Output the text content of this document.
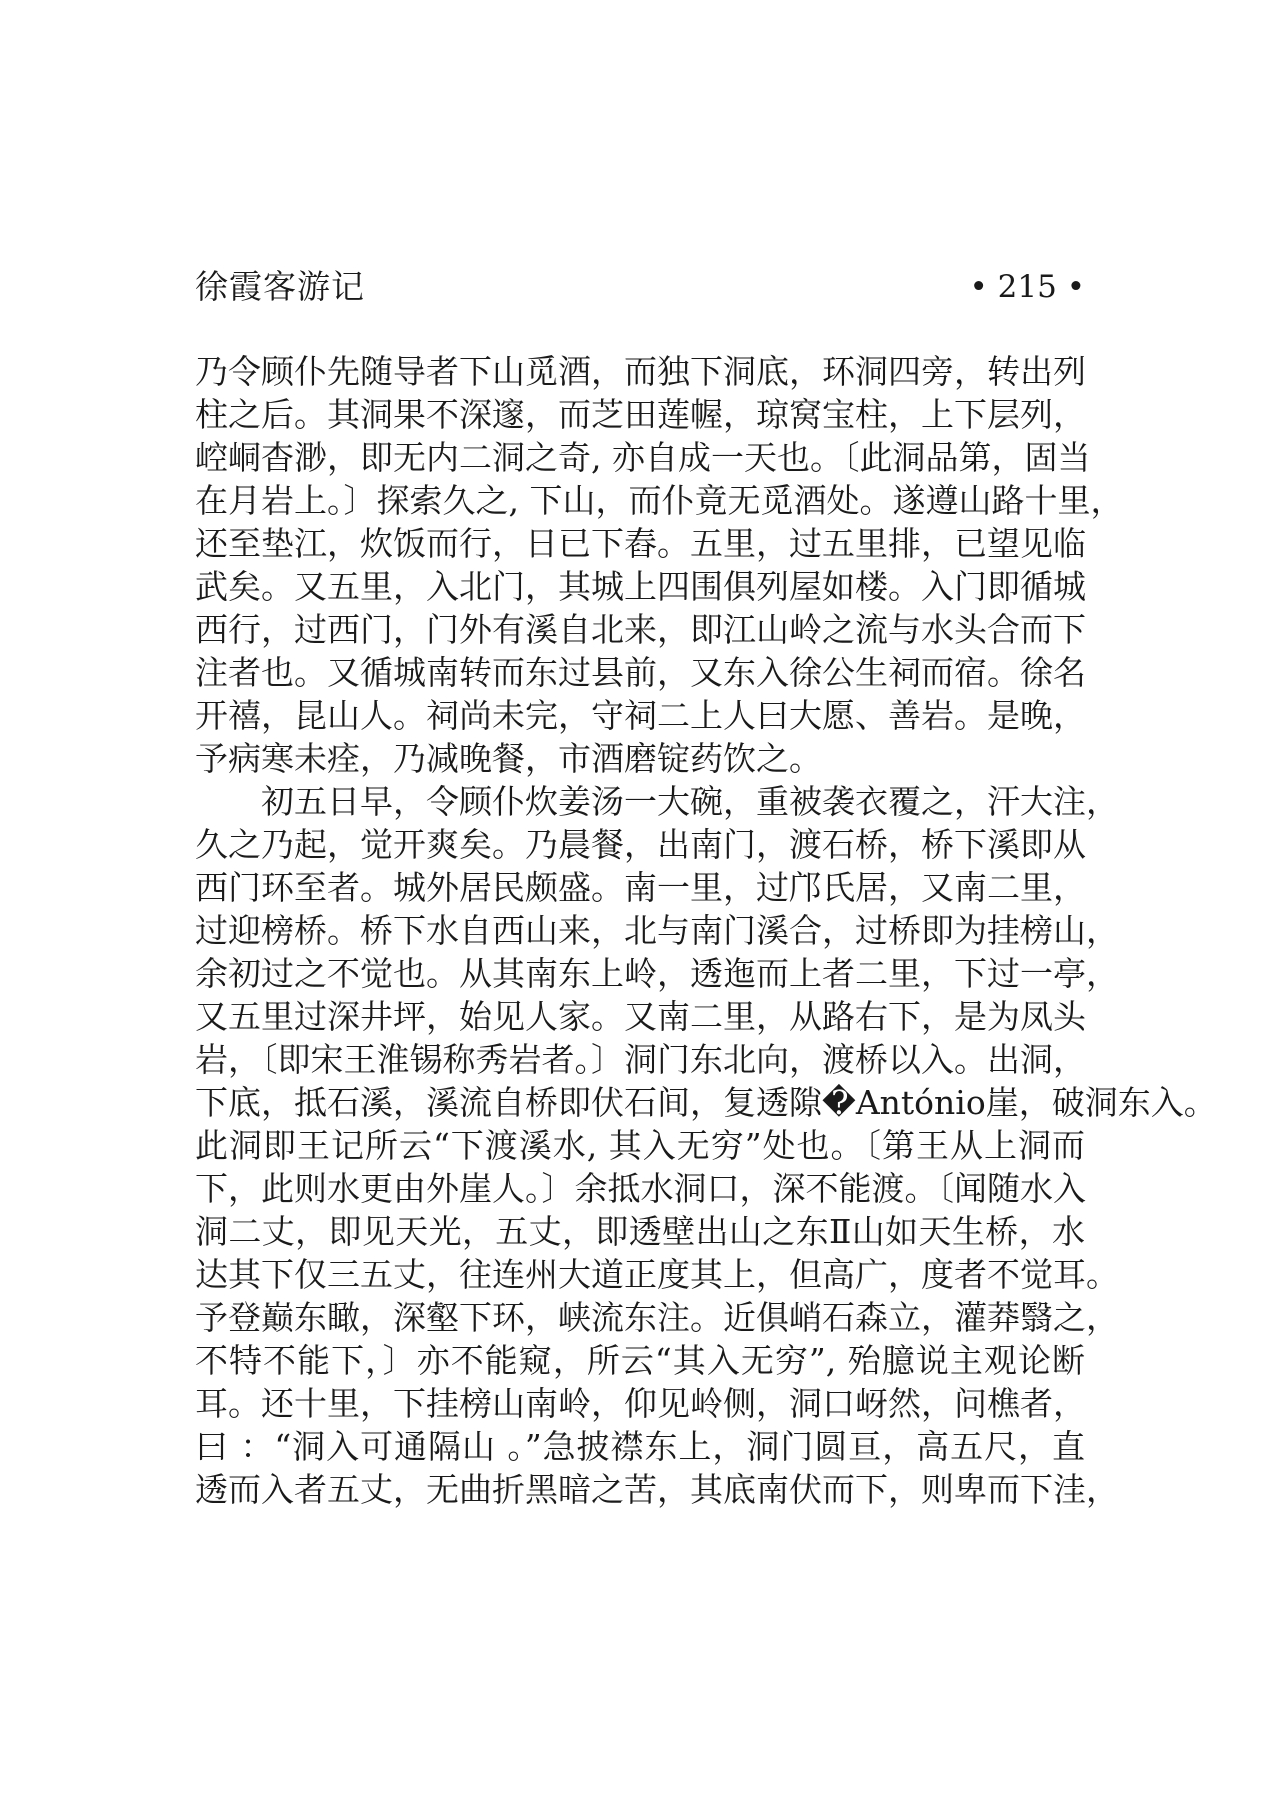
徐霞客游记	• 215 •
乃令顾仆先随导者下山觅酒，而独下洞底，环洞四旁，转出列
柱之后。其洞果不深邃，而芝田莲幄，琼窝宝柱，上下层列，
崆峒杳渺，即无内二洞之奇, 亦自成一天也。〔此洞品第，固当
在月岩上。〕探索久之, 下山，而仆竟无觅酒处。遂遵山路十里，
还至垫江，炊饭而行，日已下舂。五里，过五里排，已望见临
武矣。又五里，入北门，其城上四围俱列屋如楼。入门即循城
西行，过西门，门外有溪自北来，即江山岭之流与水头合而下
注者也。又循城南转而东过县前，又东入徐公生祠而宿。徐名
开禧，昆山人。祠尚未完，守祠二上人曰大愿、善岩。是晚，
予病寒未痊，乃减晚餐，市酒磨锭药饮之。
初五日早，令顾仆炊姜汤一大碗，重被袭衣覆之，汗大注，
久之乃起，觉开爽矣。乃晨餐，出南门，渡石桥，桥下溪即从
西门环至者。城外居民颇盛。南一里，过邝氏居，又南二里，
过迎榜桥。桥下水自西山来，北与南门溪合，过桥即为挂榜山，
余初过之不觉也。从其南东上岭，透迤而上者二里，下过一亭，
又五里过深井坪，始见人家。又南二里，从路右下，是为凤头
岩，〔即宋王淮锡称秀岩者。〕洞门东北向，渡桥以入。出洞，
下底，抵石溪，溪流自桥即伏石间，复透隙�António崖，破洞东入。
此洞即王记所云“下渡溪水, 其入无穷”处也。〔第王从上洞而
下，此则水更由外崖人。〕余抵水洞口，深不能渡。〔闻随水入
洞二丈，即见天光，五丈，即透壁出山之东Ⅱ山如天生桥，水
达其下仅三五丈，往连州大道正度其上，但高广，度者不觉耳。
予登巅东瞰，深壑下环，峡流东注。近俱峭石森立，灌莽翳之，
不特不能下，〕亦不能窥，所云“其入无穷”, 殆臆说主观论断
耳。还十里，下挂榜山南岭，仰见岭侧，洞口岈然，问樵者，
曰 ：“洞入可通隔山 。”急披襟东上，洞门圆亘，高五尺，直
透而入者五丈，无曲折黑暗之苦，其底南伏而下，则卑而下洼，
